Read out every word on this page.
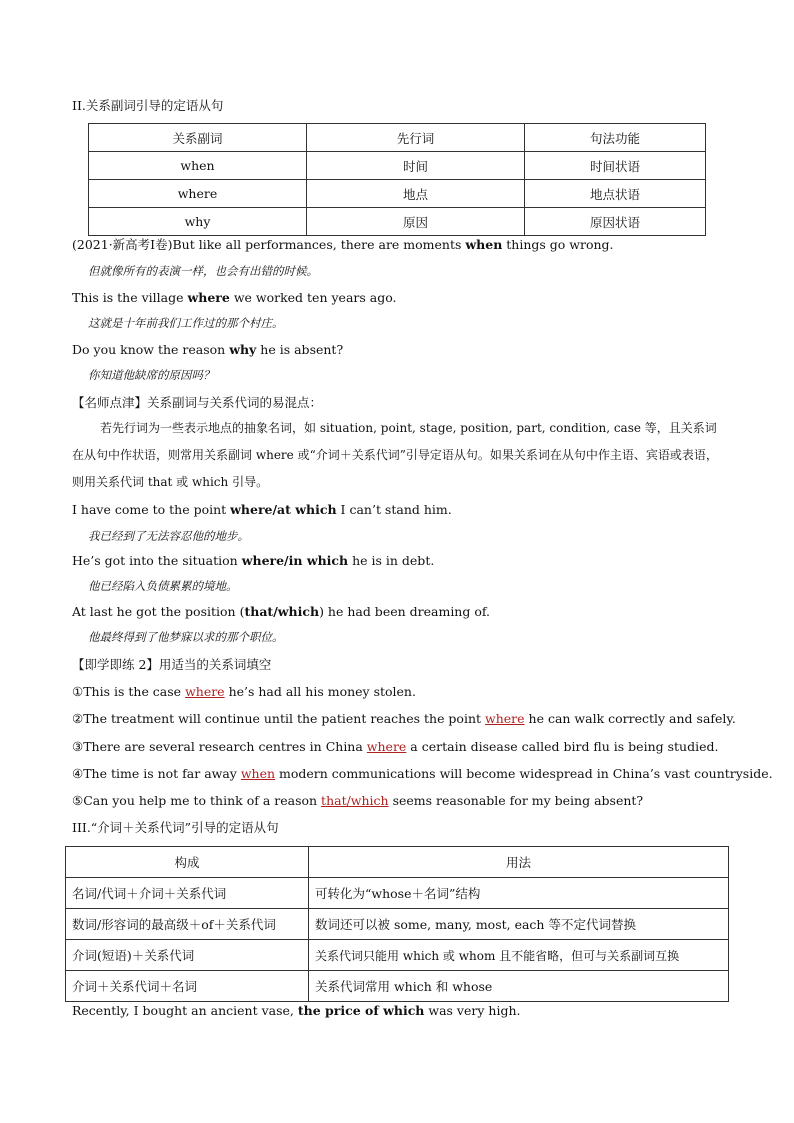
II.关系副词引导的定语从句
关系副词	先行词	句法功能
when	时间	时间状语
where	地点	地点状语
why	原因	原因状语
(2021·新高考Ⅰ卷)But like all performances, there are moments when things go wrong.
但就像所有的表演一样，也会有出错的时候。
This is the village where we worked ten years ago.
这就是十年前我们工作过的那个村庄。
Do you know the reason why he is absent?
你知道他缺席的原因吗？
【名师点津】关系副词与关系代词的易混点：
若先行词为一些表示地点的抽象名词，如 situation, point, stage, position, part, condition, case 等，且关系词在从句中作状语，则常用关系副词 where 或“介词＋关系代词”引导定语从句。如果关系词在从句中作主语、宾语或表语，则用关系代词 that 或 which 引导。
I have come to the point where/at which I can’t stand him.
我已经到了无法容忍他的地步。
He’s got into the situation where/in which he is in debt.
他已经陷入负债累累的境地。
At last he got the position (that/which) he had been dreaming of.
他最终得到了他梦寐以求的那个职位。
【即学即练 2】用适当的关系词填空
①This is the case where he’s had all his money stolen.
②The treatment will continue until the patient reaches the point where he can walk correctly and safely.
③There are several research centres in China where a certain disease called bird flu is being studied.
④The time is not far away when modern communications will become widespread in China’s vast countryside.
⑤Can you help me to think of a reason that/which seems reasonable for my being absent?
III.“介词＋关系代词”引导的定语从句
构成	用法
名词/代词＋介词＋关系代词	可转化为“whose＋名词”结构
数词/形容词的最高级＋of＋关系代词	数词还可以被 some, many, most, each 等不定代词替换
介词(短语)＋关系代词	关系代词只能用 which 或 whom 且不能省略，但可与关系副词互换
介词＋关系代词＋名词	关系代词常用 which 和 whose
Recently, I bought an ancient vase, the price of which was very high.
